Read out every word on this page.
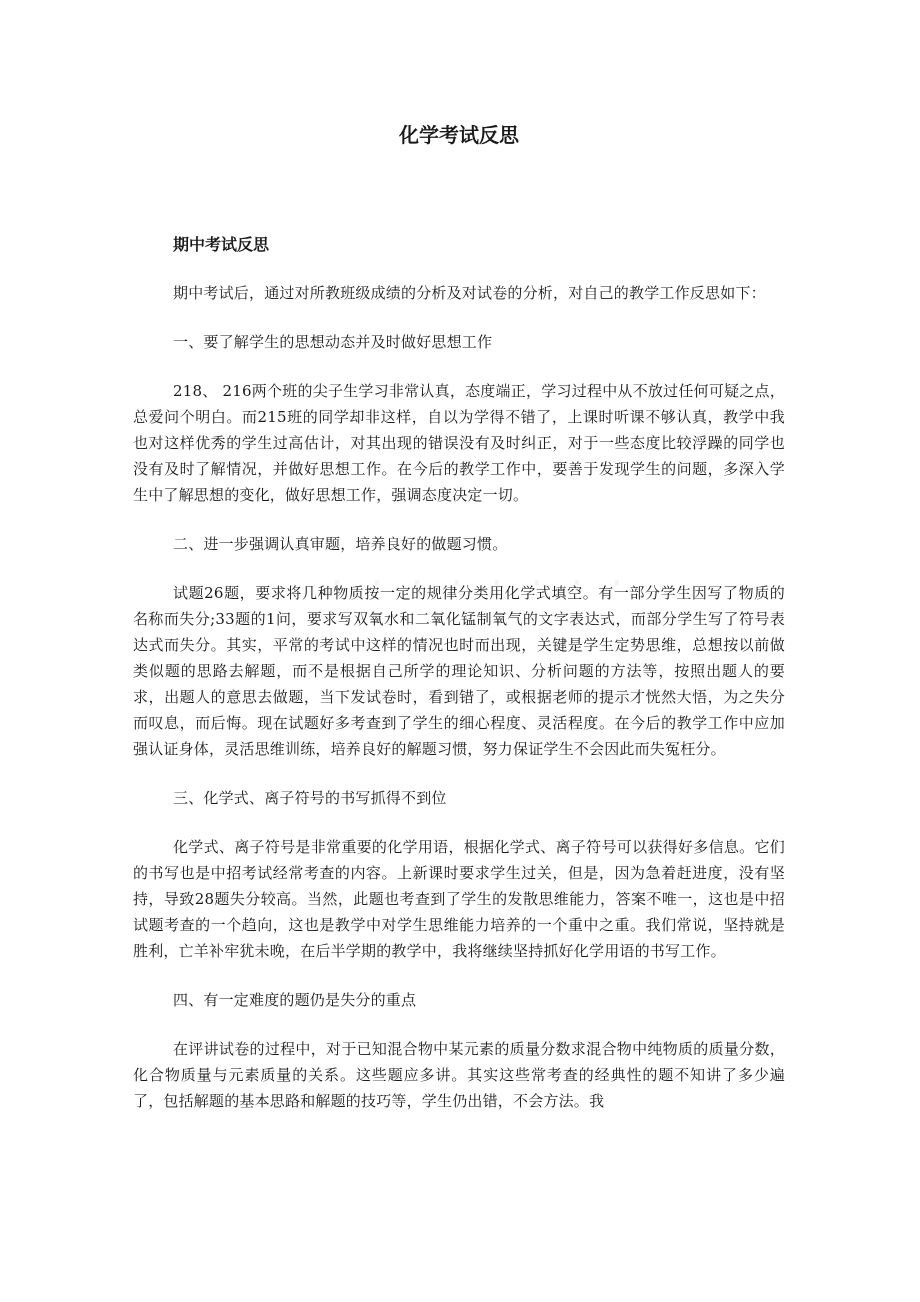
化学考试反思
期中考试反思

期中考试后，通过对所教班级成绩的分析及对试卷的分析，对自己的教学工作反思如下：

一、要了解学生的思想动态并及时做好思想工作

218、 216两个班的尖子生学习非常认真，态度端正，学习过程中从不放过任何可疑之点，总爱问个明白。而215班的同学却非这样，自以为学得不错了，上课时听课不够认真，教学中我也对这样优秀的学生过高估计，对其出现的错误没有及时纠正，对于一些态度比较浮躁的同学也没有及时了解情况，并做好思想工作。在今后的教学工作中，要善于发现学生的问题，多深入学生中了解思想的变化，做好思想工作，强调态度决定一切。

二、进一步强调认真审题，培养良好的做题习惯。

试题26题，要求将几种物质按一定的规律分类用化学式填空。有一部分学生因写了物质的名称而失分;33题的1问，要求写双氧水和二氧化锰制氧气的文字表达式，而部分学生写了符号表达式而失分。其实，平常的考试中这样的情况也时而出现，关键是学生定势思维，总想按以前做类似题的思路去解题，而不是根据自己所学的理论知识、分析问题的方法等，按照出题人的要求，出题人的意思去做题，当下发试卷时，看到错了，或根据老师的提示才恍然大悟，为之失分而叹息，而后悔。现在试题好多考查到了学生的细心程度、灵活程度。在今后的教学工作中应加强认证身体，灵活思维训练，培养良好的解题习惯，努力保证学生不会因此而失冤枉分。

三、化学式、离子符号的书写抓得不到位

化学式、离子符号是非常重要的化学用语，根据化学式、离子符号可以获得好多信息。它们的书写也是中招考试经常考查的内容。上新课时要求学生过关，但是，因为急着赶进度，没有坚持，导致28题失分较高。当然，此题也考查到了学生的发散思维能力，答案不唯一，这也是中招试题考查的一个趋向，这也是教学中对学生思维能力培养的一个重中之重。我们常说，坚持就是胜利，亡羊补牢犹未晚，在后半学期的教学中，我将继续坚持抓好化学用语的书写工作。

四、有一定难度的题仍是失分的重点

在评讲试卷的过程中，对于已知混合物中某元素的质量分数求混合物中纯物质的质量分数，化合物质量与元素质量的关系。这些题应多讲。其实这些常考查的经典性的题不知讲了多少遍了，包括解题的基本思路和解题的技巧等，学生仍出错，不会方法。我
